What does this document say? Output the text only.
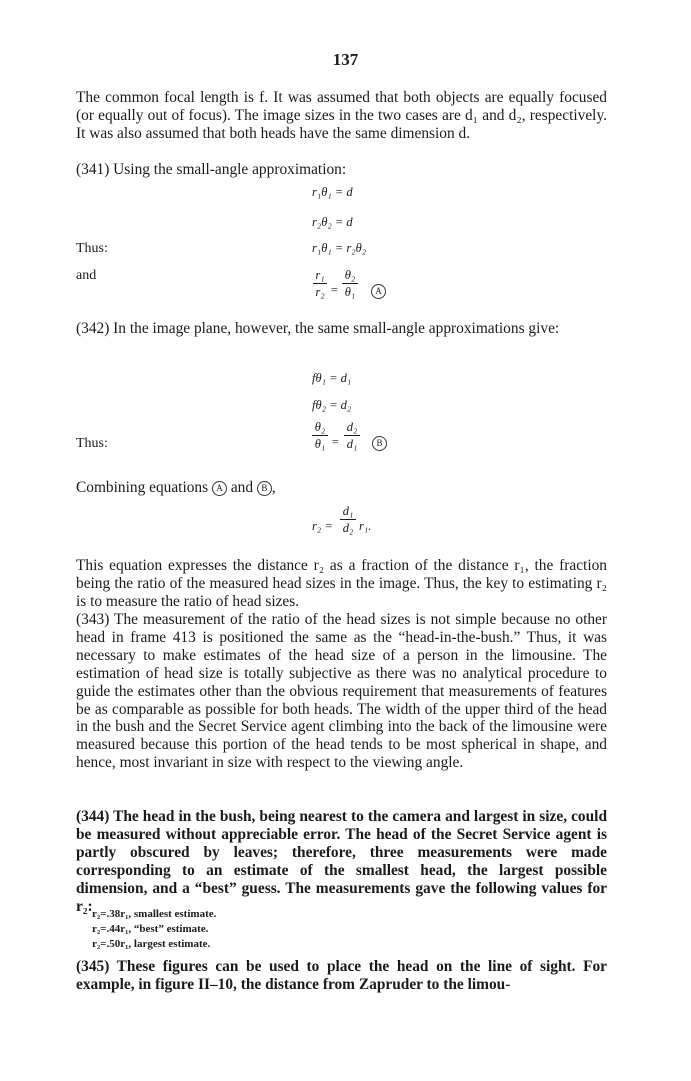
137

The common focal length is f. It was assumed that both objects are equally focused (or equally out of focus). The image sizes in the two cases are d₁ and d₂, respectively. It was also assumed that both heads have the same dimension d.

(341) Using the small-angle approximation:

r₁θ₁ = d
r₂θ₂ = d
Thus:	r₁θ₁ = r₂θ₂
and	r₁
r₂ =
θ₂
θ₁	A

(342) In the image plane, however, the same small-angle approximations give:

fθ₁ = d₁
fθ₂ = d₂
Thus:
θ₂
θ₁ =
d₂
d₁	B
Combining equations A and B ,
r₂ =
d₁
d₂ r₁.

This equation expresses the distance r₂ as a fraction of the distance r₁, the fraction being the ratio of the measured head sizes in the image. Thus, the key to estimating r₂ is to measure the ratio of head sizes.

(343) The measurement of the ratio of the head sizes is not simple because no other head in frame 413 is positioned the same as the “head-in-the-bush.” Thus, it was necessary to make estimates of the head size of a person in the limousine. The estimation of head size is totally subjective as there was no analytical procedure to guide the estimates other than the obvious requirement that measurements of features be as comparable as possible for both heads. The width of the upper third of the head in the bush and the Secret Service agent climbing into the back of the limousine were measured because this portion of the head tends to be most spherical in shape, and hence, most invariant in size with respect to the viewing angle.

(344) The head in the bush, being nearest to the camera and largest in size, could be measured without appreciable error. The head of the Secret Service agent is partly obscured by leaves; therefore, three measurements were made corresponding to an estimate of the smallest head, the largest possible dimension, and a “best” guess. The measurements gave the following values for r₂: r₂=.38r₁, smallest estimate.
r₂=.44r₁, “best” estimate.
r₂=.50r₁, largest estimate.

(345) These figures can be used to place the head on the line of sight. For example, in figure II–10, the distance from Zapruder to the limou-
